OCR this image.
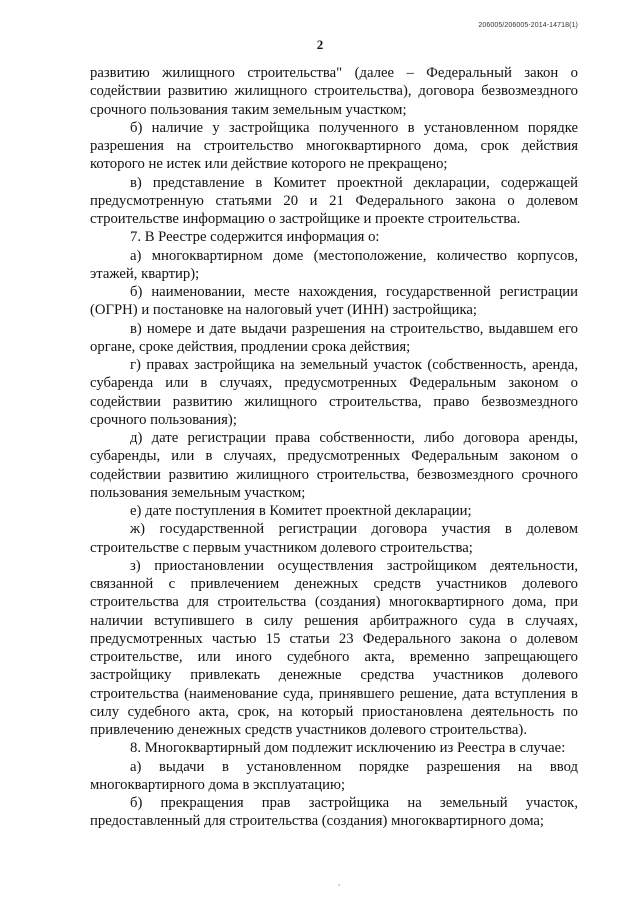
206005/206005-2014-14718(1)
2

развитию жилищного строительства" (далее – Федеральный закон о содействии развитию жилищного строительства), договора безвозмездного срочного пользования таким земельным участком;

б) наличие у застройщика полученного в установленном порядке разрешения на строительство многоквартирного дома, срок действия которого не истек или действие которого не прекращено;

в) представление в Комитет проектной декларации, содержащей предусмотренную статьями 20 и 21 Федерального закона о долевом строительстве информацию о застройщике и проекте строительства.

7. В Реестре содержится информация о:

а) многоквартирном доме (местоположение, количество корпусов, этажей, квартир);

б) наименовании, месте нахождения, государственной регистрации (ОГРН) и постановке на налоговый учет (ИНН) застройщика;

в) номере и дате выдачи разрешения на строительство, выдавшем его органе, сроке действия, продлении срока действия;

г) правах застройщика на земельный участок (собственность, аренда, субаренда или в случаях, предусмотренных Федеральным законом о содействии развитию жилищного строительства, право безвозмездного срочного пользования);

д) дате регистрации права собственности, либо договора аренды, субаренды, или в случаях, предусмотренных Федеральным законом о содействии развитию жилищного строительства, безвозмездного срочного пользования земельным участком;

е) дате поступления в Комитет проектной декларации;

ж) государственной регистрации договора участия в долевом строительстве с первым участником долевого строительства;

з) приостановлении осуществления застройщиком деятельности, связанной с привлечением денежных средств участников долевого строительства для строительства (создания) многоквартирного дома, при наличии вступившего в силу решения арбитражного суда в случаях, предусмотренных частью 15 статьи 23 Федерального закона о долевом строительстве, или иного судебного акта, временно запрещающего застройщику привлекать денежные средства участников долевого строительства (наименование суда, принявшего решение, дата вступления в силу судебного акта, срок, на который приостановлена деятельность по привлечению денежных средств участников долевого строительства).

8. Многоквартирный дом подлежит исключению из Реестра в случае:

а) выдачи в установленном порядке разрешения на ввод многоквартирного дома в эксплуатацию;

б) прекращения прав застройщика на земельный участок, предоставленный для строительства (создания) многоквартирного дома;
